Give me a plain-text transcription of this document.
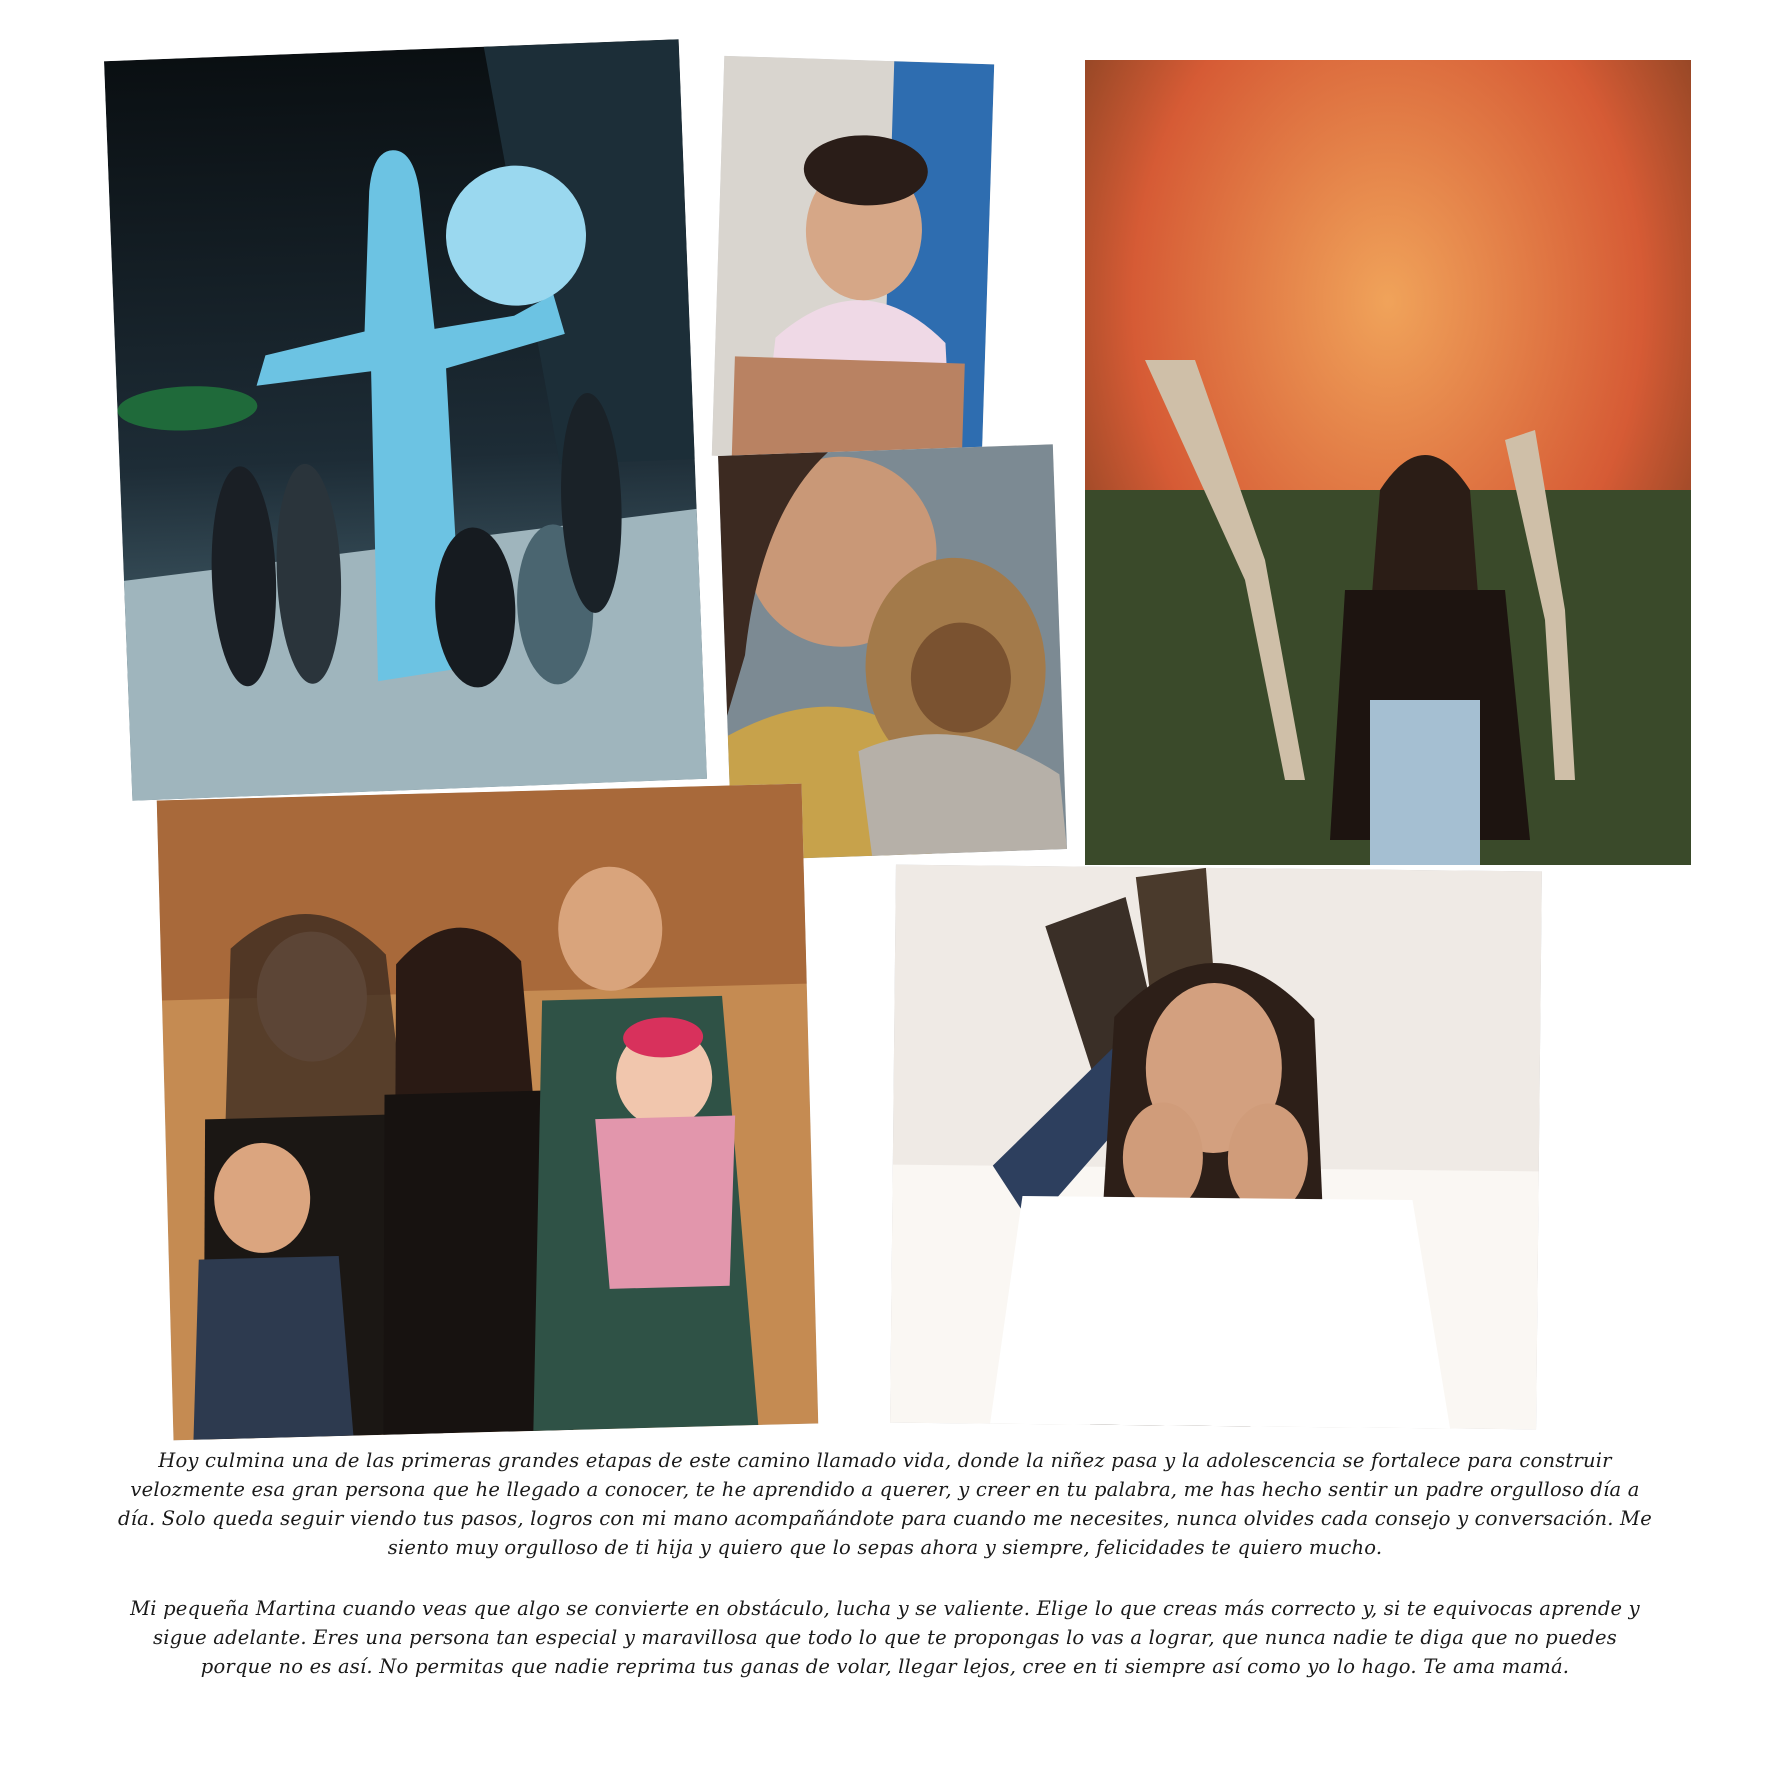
Hoy culmina una de las primeras grandes etapas de este camino llamado vida, donde la niñez pasa y la adolescencia se fortalece para construir velozmente esa gran persona que he llegado a conocer, te he aprendido a querer, y creer en tu palabra, me has hecho sentir un padre orgulloso día a día. Solo queda seguir viendo tus pasos, logros con mi mano acompañándote para cuando me necesites, nunca olvides cada consejo y conversación. Me siento muy orgulloso de ti hija y quiero que lo sepas ahora y siempre, felicidades te quiero mucho.
Mi pequeña Martina cuando veas que algo se convierte en obstáculo, lucha y se valiente. Elige lo que creas más correcto y, si te equivocas aprende y sigue adelante. Eres una persona tan especial y maravillosa que todo lo que te propongas lo vas a lograr, que nunca nadie te diga que no puedes porque no es así. No permitas que nadie reprima tus ganas de volar, llegar lejos, cree en ti siempre así como yo lo hago. Te ama mamá.
